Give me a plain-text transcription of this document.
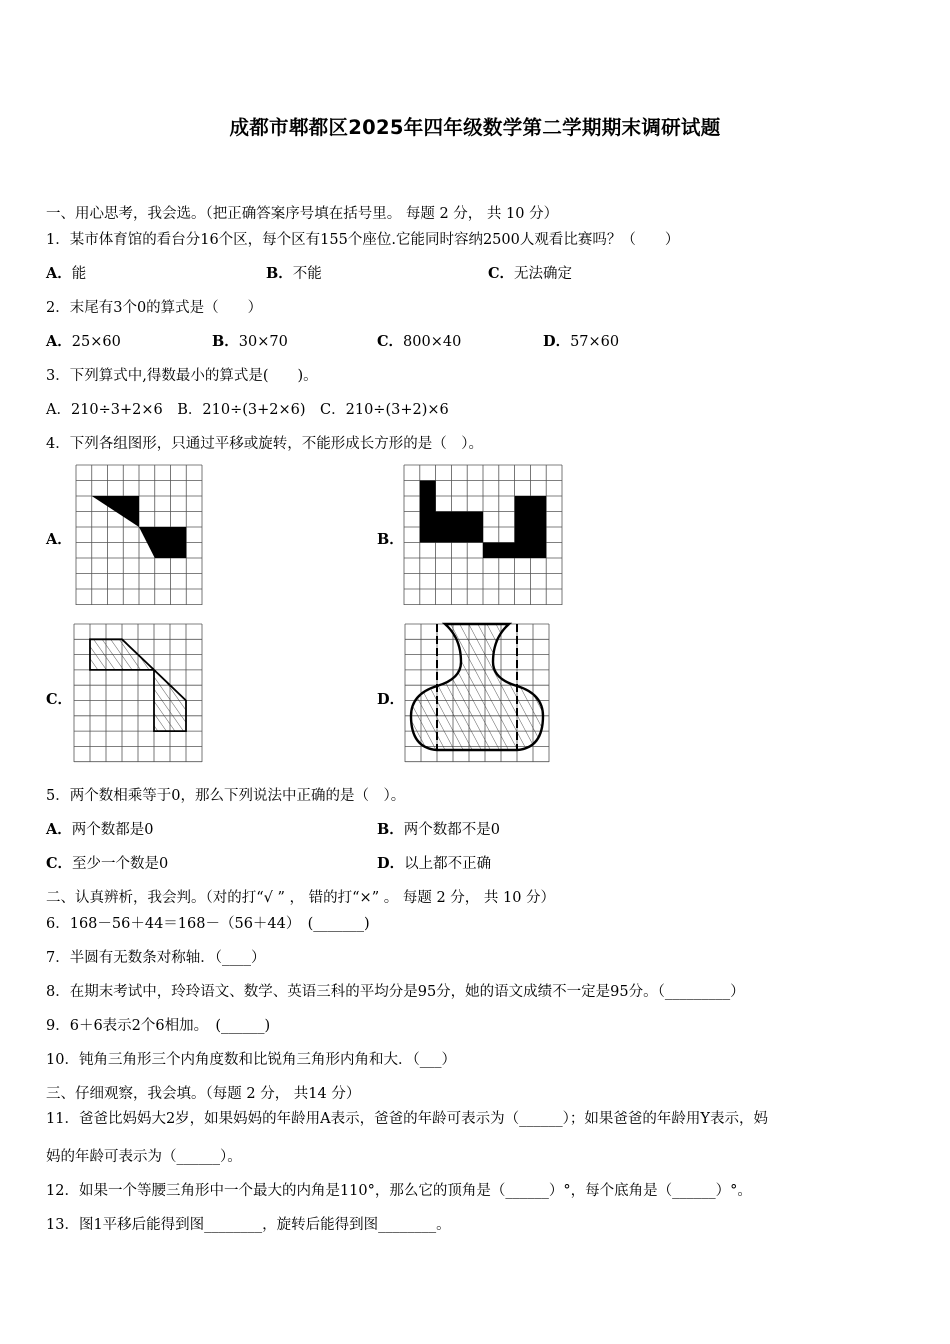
成都市郫都区2025年四年级数学第二学期期末调研试题
一、用心思考，我会选。（把正确答案序号填在括号里。 每题 2 分， 共 10 分）
1．某市体育馆的看台分16个区，每个区有155个座位.它能同时容纳2500人观看比赛吗？（　　）
A．能	B．不能	C．无法确定
2．末尾有3个0的算式是（　　）
A．25×60	B．30×70	C．800×40	D．57×60
3．下列算式中,得数最小的算式是(　　)。
A．210÷3+2×6　B．210÷(3+2×6)　C．210÷(3+2)×6
4．下列各组图形，只通过平移或旋转，不能形成长方形的是（　）。
A．	B．
C．	D．
5．两个数相乘等于0，那么下列说法中正确的是（　）。
A．两个数都是0	B．两个数都不是0
C．至少一个数是0	D．以上都不正确
二、认真辨析，我会判。（对的打“√ ” ， 错的打“×” 。 每题 2 分， 共 10 分）
6．168－56＋44＝168－（56＋44）　(_______)
7．半圆有无数条对称轴．（____）
8．在期末考试中，玲玲语文、数学、英语三科的平均分是95分，她的语文成绩不一定是95分。（_________）
9．6＋6表示2个6相加。　(______)
10．钝角三角形三个内角度数和比锐角三角形内角和大．（___）
三、仔细观察，我会填。（每题 2 分， 共14 分）
11．爸爸比妈妈大2岁，如果妈妈的年龄用A表示，爸爸的年龄可表示为（______）；如果爸爸的年龄用Y表示，妈
妈的年龄可表示为（______）。
12．如果一个等腰三角形中一个最大的内角是110°，那么它的顶角是（______）°，每个底角是（______）°。
13．图1平移后能得到图________，旋转后能得到图________。
